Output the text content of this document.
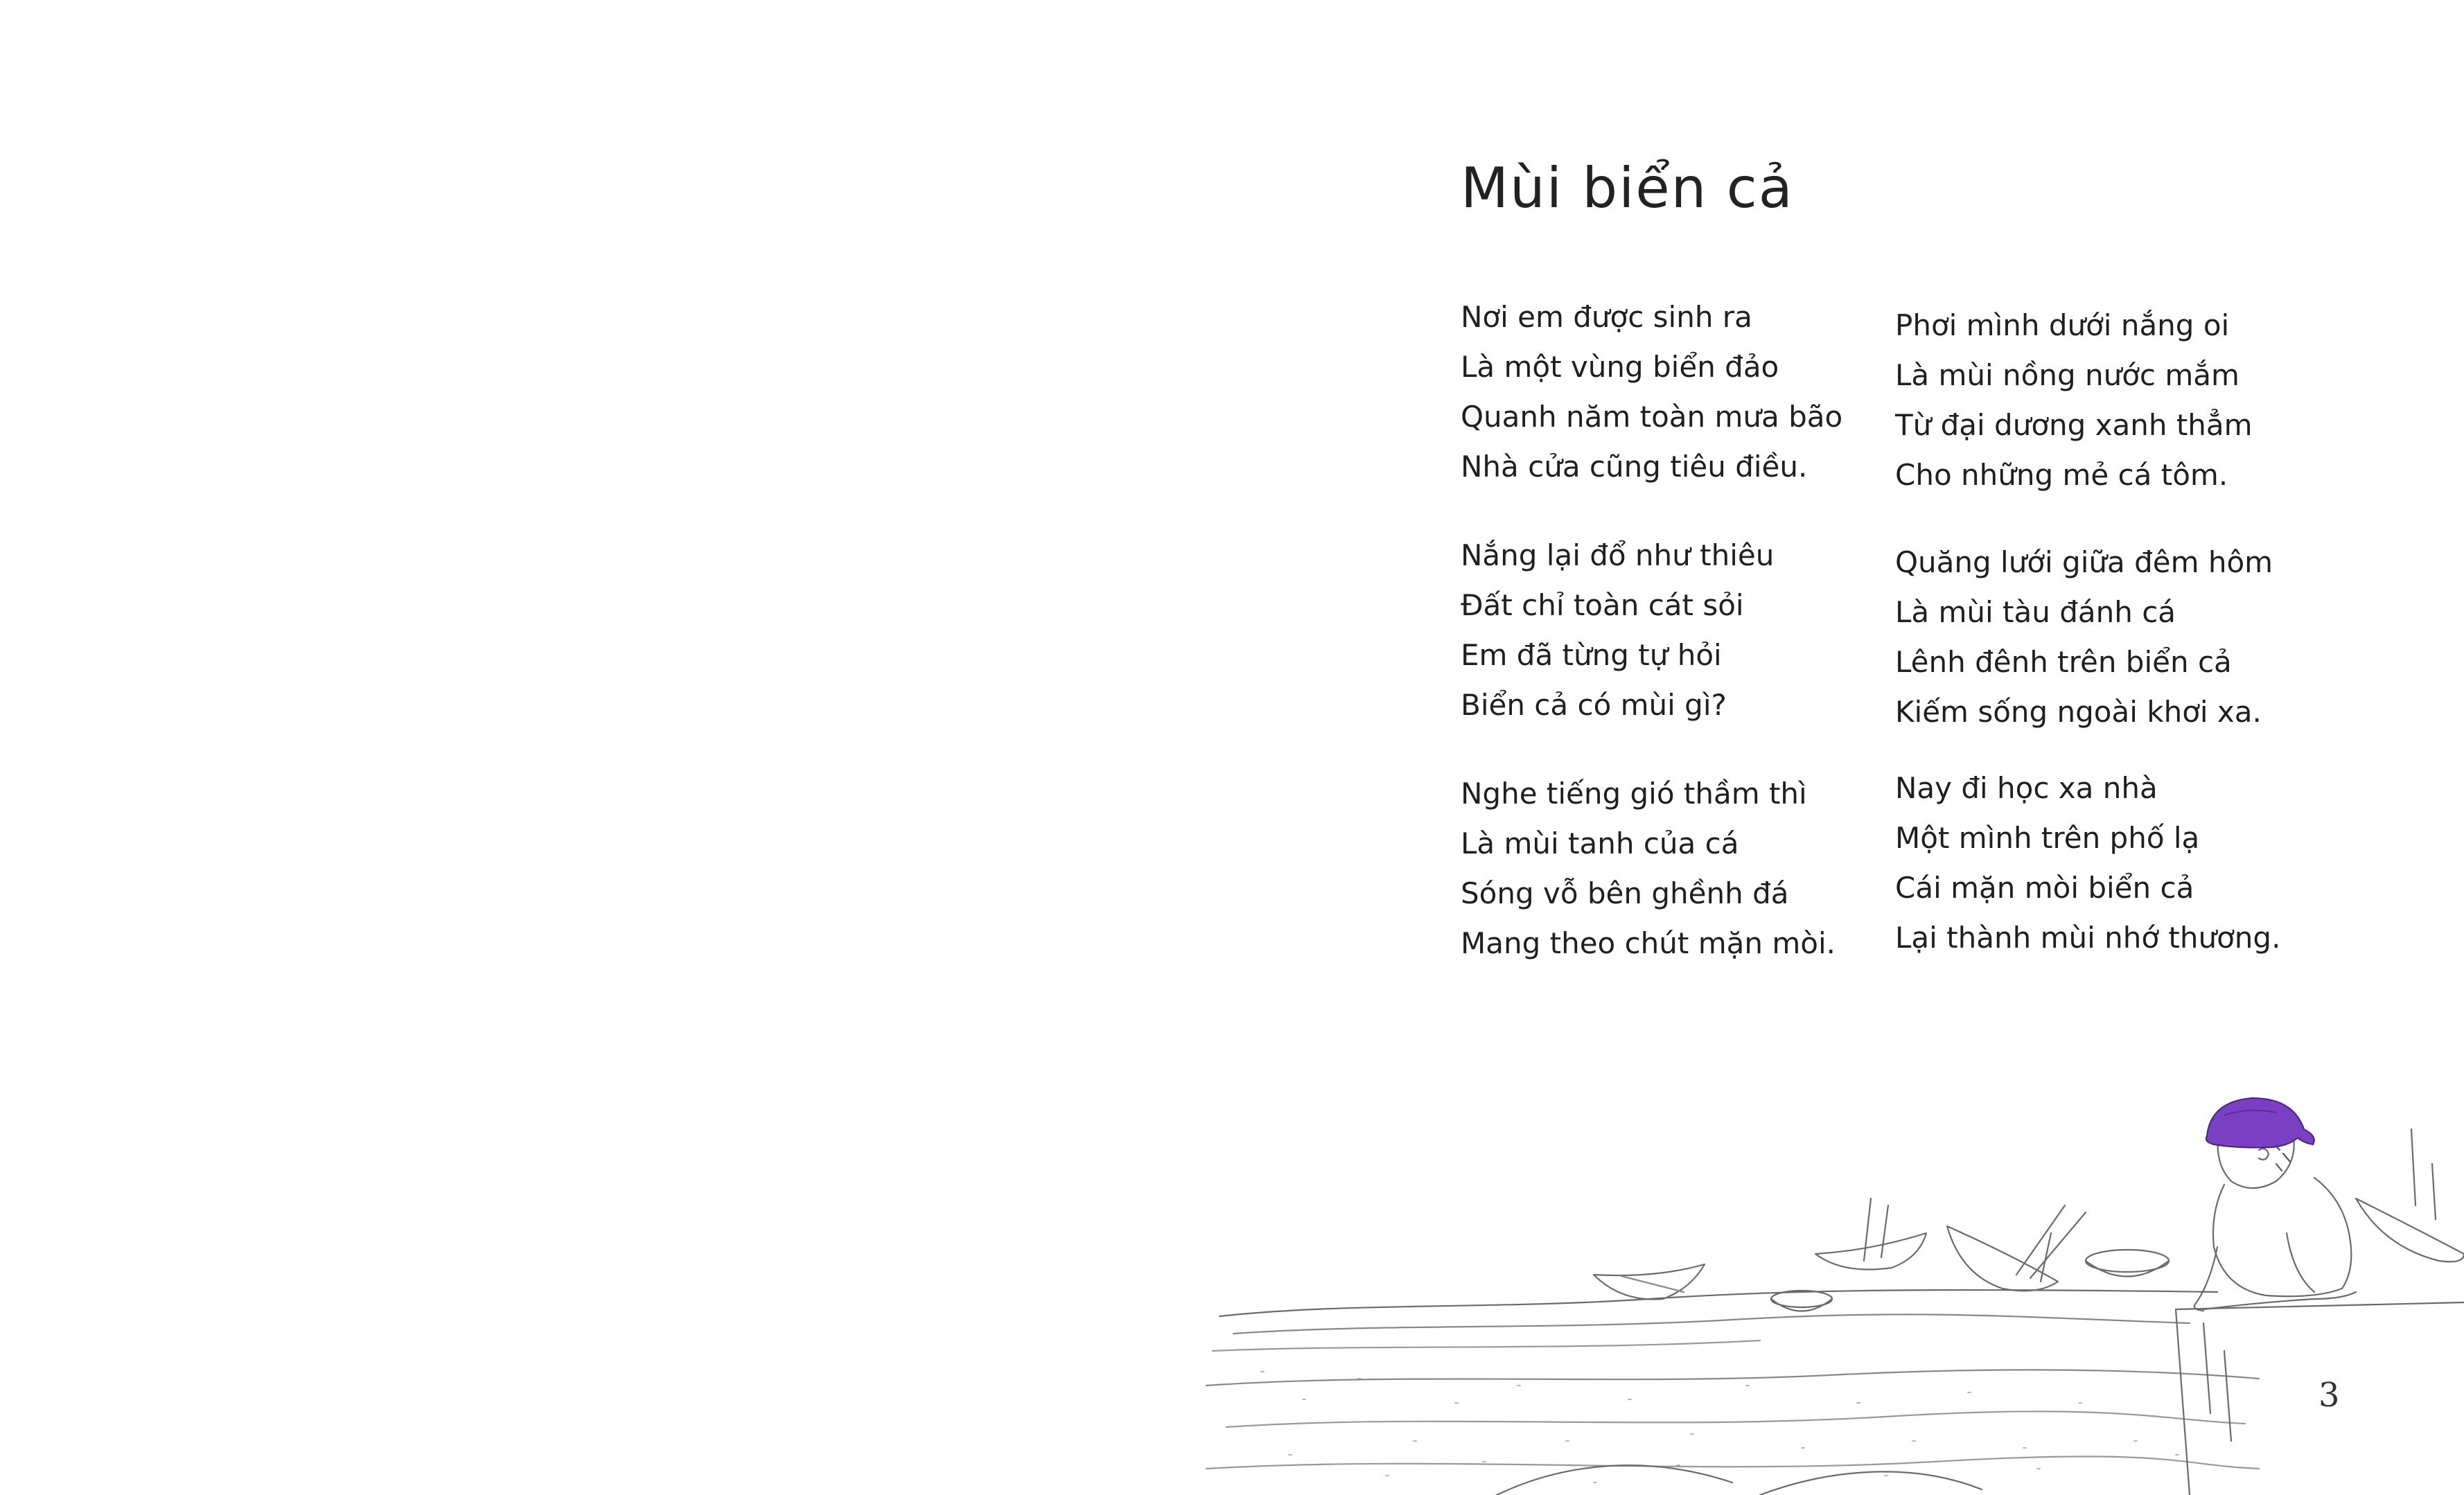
Mùi biển cả
Nơi em được sinh ra
Là một vùng biển đảo
Quanh năm toàn mưa bão
Nhà cửa cũng tiêu điều.
Nắng lại đổ như thiêu
Đất chỉ toàn cát sỏi
Em đã từng tự hỏi
Biển cả có mùi gì?
Nghe tiếng gió thầm thì
Là mùi tanh của cá
Sóng vỗ bên ghềnh đá
Mang theo chút mặn mòi.
Phơi mình dưới nắng oi
Là mùi nồng nước mắm
Từ đại dương xanh thẳm
Cho những mẻ cá tôm.
Quăng lưới giữa đêm hôm
Là mùi tàu đánh cá
Lênh đênh trên biển cả
Kiếm sống ngoài khơi xa.
Nay đi học xa nhà
Một mình trên phố lạ
Cái mặn mòi biển cả
Lại thành mùi nhớ thương.
3
